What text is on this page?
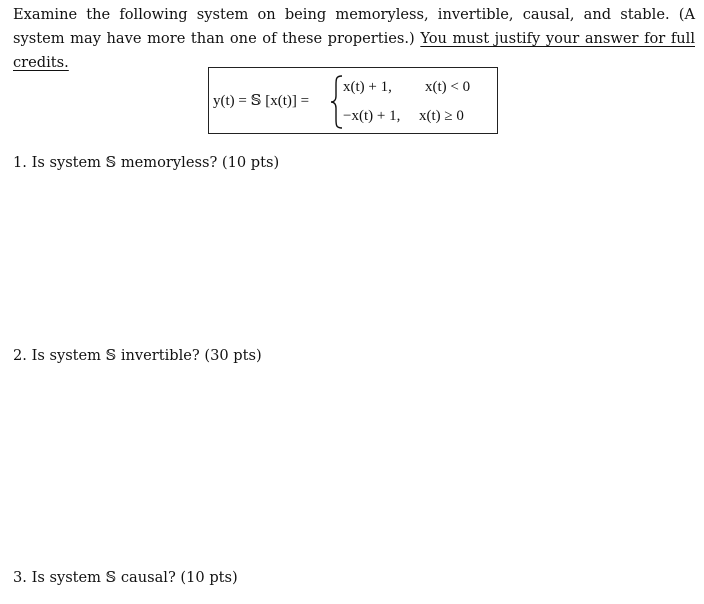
Examine the following system on being memoryless, invertible, causal, and stable. (A system may have more than one of these properties.) You must justify your answer for full credits.

y(t) = 𝕊 [x(t)] =
x(t) + 1, x(t) < 0
−x(t) + 1, x(t) ≥ 0

1. Is system 𝕊 memoryless? (10 pts)

2. Is system 𝕊 invertible? (30 pts)

3. Is system 𝕊 causal? (10 pts)
